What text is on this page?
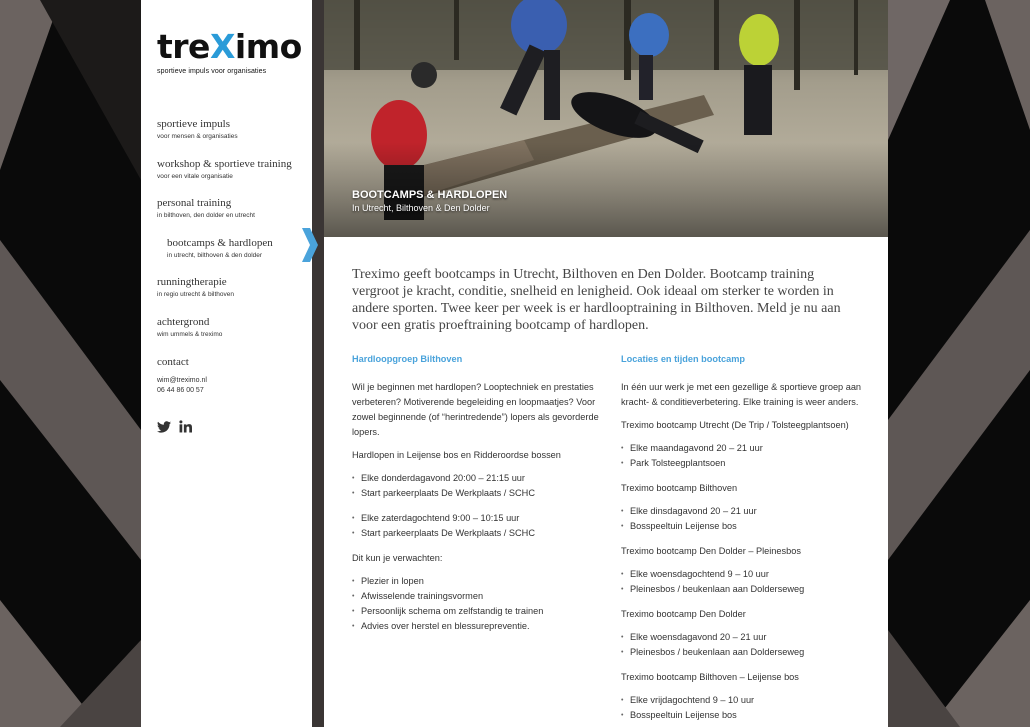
treXimo
sportieve impuls voor organisaties
sportieve impuls
voor mensen & organisaties
workshop & sportieve training
voor een vitale organisatie
personal training
in bilthoven, den dolder en utrecht
bootcamps & hardlopen
in utrecht, bilthoven & den dolder
runningtherapie
in regio utrecht & bilthoven
achtergrond
wim ummels & treximo
contact
wim@treximo.nl
06 44 86 00 57
BOOTCAMPS & HARDLOPEN
In Utrecht, Bilthoven & Den Dolder
Treximo geeft bootcamps in Utrecht, Bilthoven en Den Dolder. Bootcamp training vergroot je kracht, conditie, snelheid en lenigheid. Ook ideaal om sterker te worden in andere sporten. Twee keer per week is er hardlooptraining in Bilthoven. Meld je nu aan voor een gratis proeftraining bootcamp of hardlopen.
Hardloopgroep Bilthoven

Wil je beginnen met hardlopen? Looptechniek en prestaties verbeteren? Motiverende begeleiding en loopmaatjes? Voor zowel beginnende (of “herintredende”) lopers als gevorderde lopers.

Hardlopen in Leijense bos en Ridderoordse bossen

• Elke donderdagavond 20:00 – 21:15 uur
• Start parkeerplaats De Werkplaats / SCHC
• Elke zaterdagochtend 9:00 – 10:15 uur
• Start parkeerplaats De Werkplaats / SCHC

Dit kun je verwachten:

• Plezier in lopen
• Afwisselende trainingsvormen
• Persoonlijk schema om zelfstandig te trainen
• Advies over herstel en blessurepreventie.
Locaties en tijden bootcamp

In één uur werk je met een gezellige & sportieve groep aan kracht- & conditieverbetering. Elke training is weer anders.

Treximo bootcamp Utrecht (De Trip / Tolsteegplantsoen)

• Elke maandagavond 20 – 21 uur
• Park Tolsteegplantsoen

Treximo bootcamp Bilthoven

• Elke dinsdagavond 20 – 21 uur
• Bosspeeltuin Leijense bos

Treximo bootcamp Den Dolder – Pleinesbos

• Elke woensdagochtend 9 – 10 uur
• Pleinesbos / beukenlaan aan Dolderseweg

Treximo bootcamp Den Dolder

• Elke woensdagavond 20 – 21 uur
• Pleinesbos / beukenlaan aan Dolderseweg

Treximo bootcamp Bilthoven – Leijense bos

• Elke vrijdagochtend 9 – 10 uur
• Bosspeeltuin Leijense bos
